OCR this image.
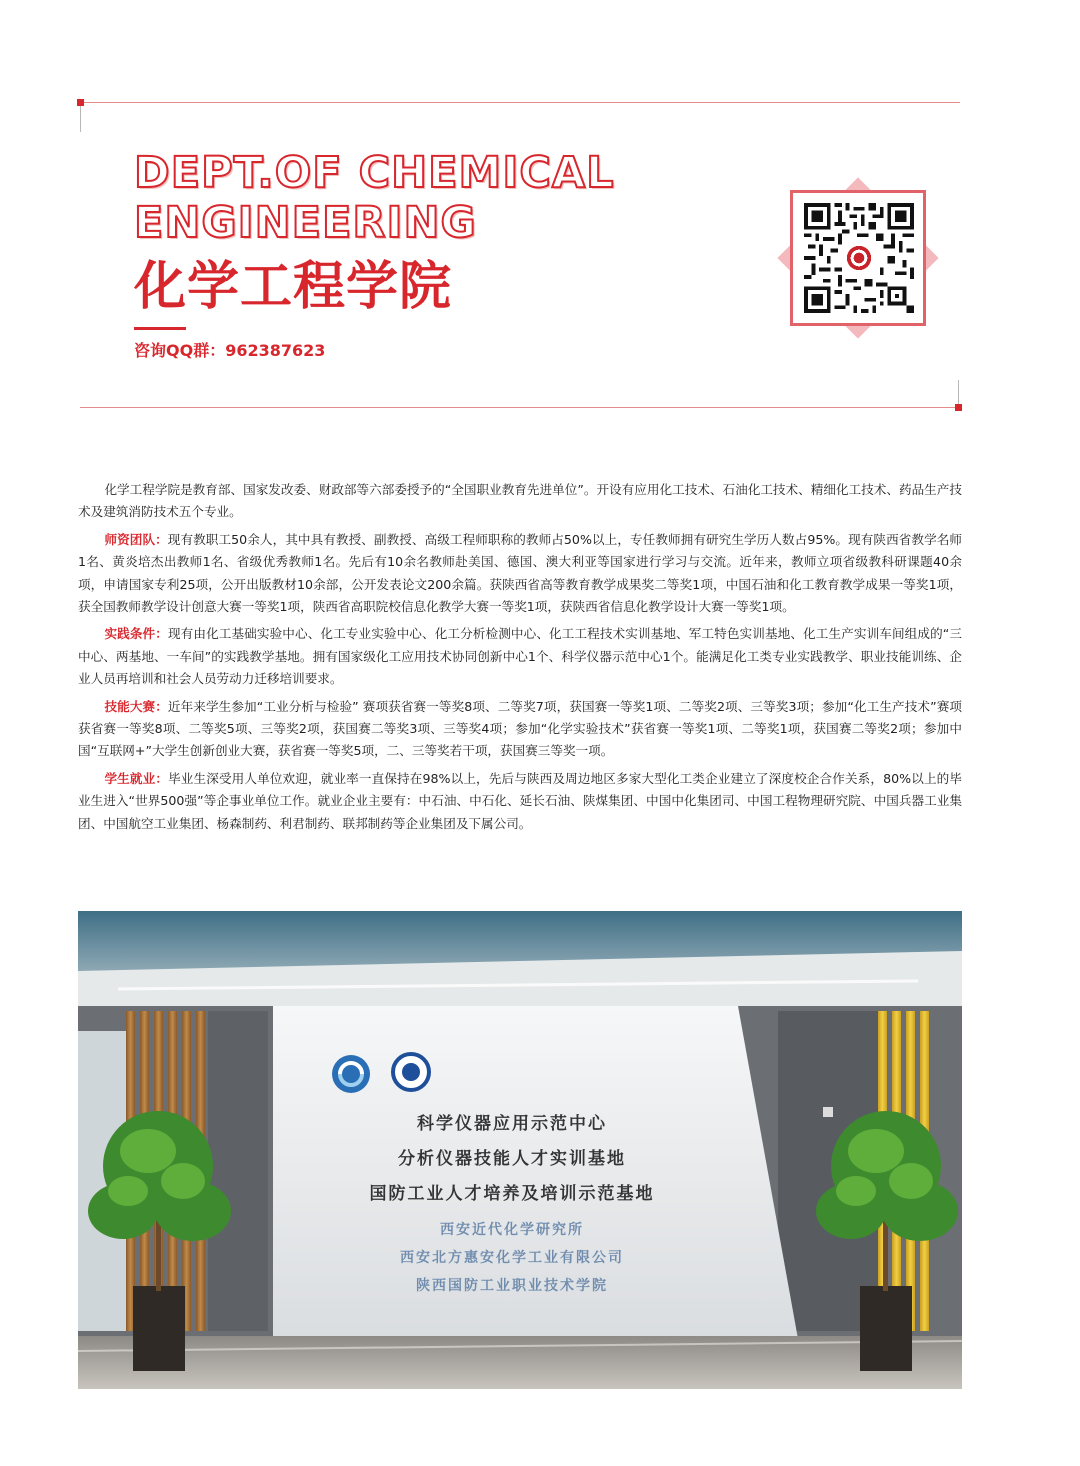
DEPT.OF CHEMICAL
ENGINEERING
化学工程学院
咨询QQ群：962387623

化学工程学院是教育部、国家发改委、财政部等六部委授予的“全国职业教育先进单位”。开设有应用化工技术、石油化工技术、精细化工技术、药品生产技术及建筑消防技术五个专业。

师资团队：现有教职工50余人，其中具有教授、副教授、高级工程师职称的教师占50%以上，专任教师拥有研究生学历人数占95%。现有陕西省教学名师1名、黄炎培杰出教师1名、省级优秀教师1名。先后有10余名教师赴美国、德国、澳大利亚等国家进行学习与交流。近年来，教师立项省级教科研课题40余项，申请国家专利25项，公开出版教材10余部，公开发表论文200余篇。获陕西省高等教育教学成果奖二等奖1项，中国石油和化工教育教学成果一等奖1项，获全国教师教学设计创意大赛一等奖1项，陕西省高职院校信息化教学大赛一等奖1项，获陕西省信息化教学设计大赛一等奖1项。

实践条件：现有由化工基础实验中心、化工专业实验中心、化工分析检测中心、化工工程技术实训基地、军工特色实训基地、化工生产实训车间组成的“三中心、两基地、一车间”的实践教学基地。拥有国家级化工应用技术协同创新中心1个、科学仪器示范中心1个。能满足化工类专业实践教学、职业技能训练、企业人员再培训和社会人员劳动力迁移培训要求。

技能大赛：近年来学生参加“工业分析与检验” 赛项获省赛一等奖8项、二等奖7项，获国赛一等奖1项、二等奖2项、三等奖3项；参加“化工生产技术”赛项获省赛一等奖8项、二等奖5项、三等奖2项，获国赛二等奖3项、三等奖4项；参加“化学实验技术”获省赛一等奖1项、二等奖1项，获国赛二等奖2项；参加中国“互联网+”大学生创新创业大赛，获省赛一等奖5项，二、三等奖若干项，获国赛三等奖一项。

学生就业：毕业生深受用人单位欢迎，就业率一直保持在98%以上，先后与陕西及周边地区多家大型化工类企业建立了深度校企合作关系，80%以上的毕业生进入“世界500强”等企事业单位工作。就业企业主要有：中石油、中石化、延长石油、陕煤集团、中国中化集团司、中国工程物理研究院、中国兵器工业集团、中国航空工业集团、杨森制药、利君制药、联邦制药等企业集团及下属公司。

科学仪器应用示范中心
分析仪器技能人才实训基地
国防工业人才培养及培训示范基地
西安近代化学研究所
西安北方惠安化学工业有限公司
陕西国防工业职业技术学院
